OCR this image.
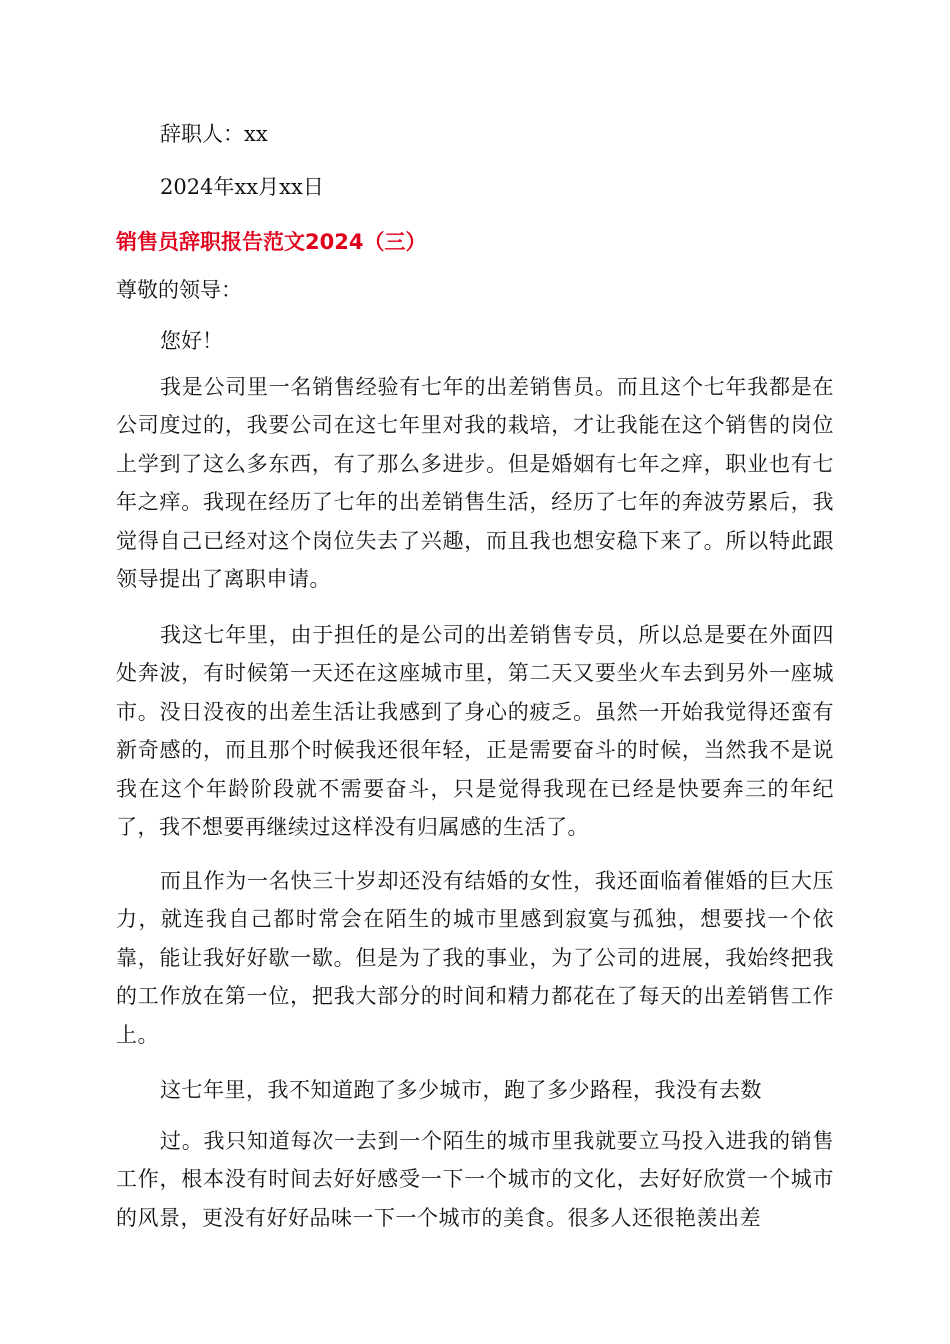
辞职人：xx
2024年xx月xx日
销售员辞职报告范文2024（三）
尊敬的领导：
您好！

我是公司里一名销售经验有七年的出差销售员。而且这个七年我都是在公司度过的，我要公司在这七年里对我的栽培，才让我能在这个销售的岗位上学到了这么多东西，有了那么多进步。但是婚姻有七年之痒，职业也有七年之痒。我现在经历了七年的出差销售生活，经历了七年的奔波劳累后，我觉得自己已经对这个岗位失去了兴趣，而且我也想安稳下来了。所以特此跟领导提出了离职申请。

我这七年里，由于担任的是公司的出差销售专员，所以总是要在外面四处奔波，有时候第一天还在这座城市里，第二天又要坐火车去到另外一座城市。没日没夜的出差生活让我感到了身心的疲乏。虽然一开始我觉得还蛮有新奇感的，而且那个时候我还很年轻，正是需要奋斗的时候，当然我不是说我在这个年龄阶段就不需要奋斗，只是觉得我现在已经是快要奔三的年纪了，我不想要再继续过这样没有归属感的生活了。

而且作为一名快三十岁却还没有结婚的女性，我还面临着催婚的巨大压力，就连我自己都时常会在陌生的城市里感到寂寞与孤独，想要找一个依靠，能让我好好歇一歇。但是为了我的事业，为了公司的进展，我始终把我的工作放在第一位，把我大部分的时间和精力都花在了每天的出差销售工作上。

这七年里，我不知道跑了多少城市，跑了多少路程，我没有去数

过。我只知道每次一去到一个陌生的城市里我就要立马投入进我的销售工作，根本没有时间去好好感受一下一个城市的文化，去好好欣赏一个城市的风景，更没有好好品味一下一个城市的美食。很多人还很艳羡出差
